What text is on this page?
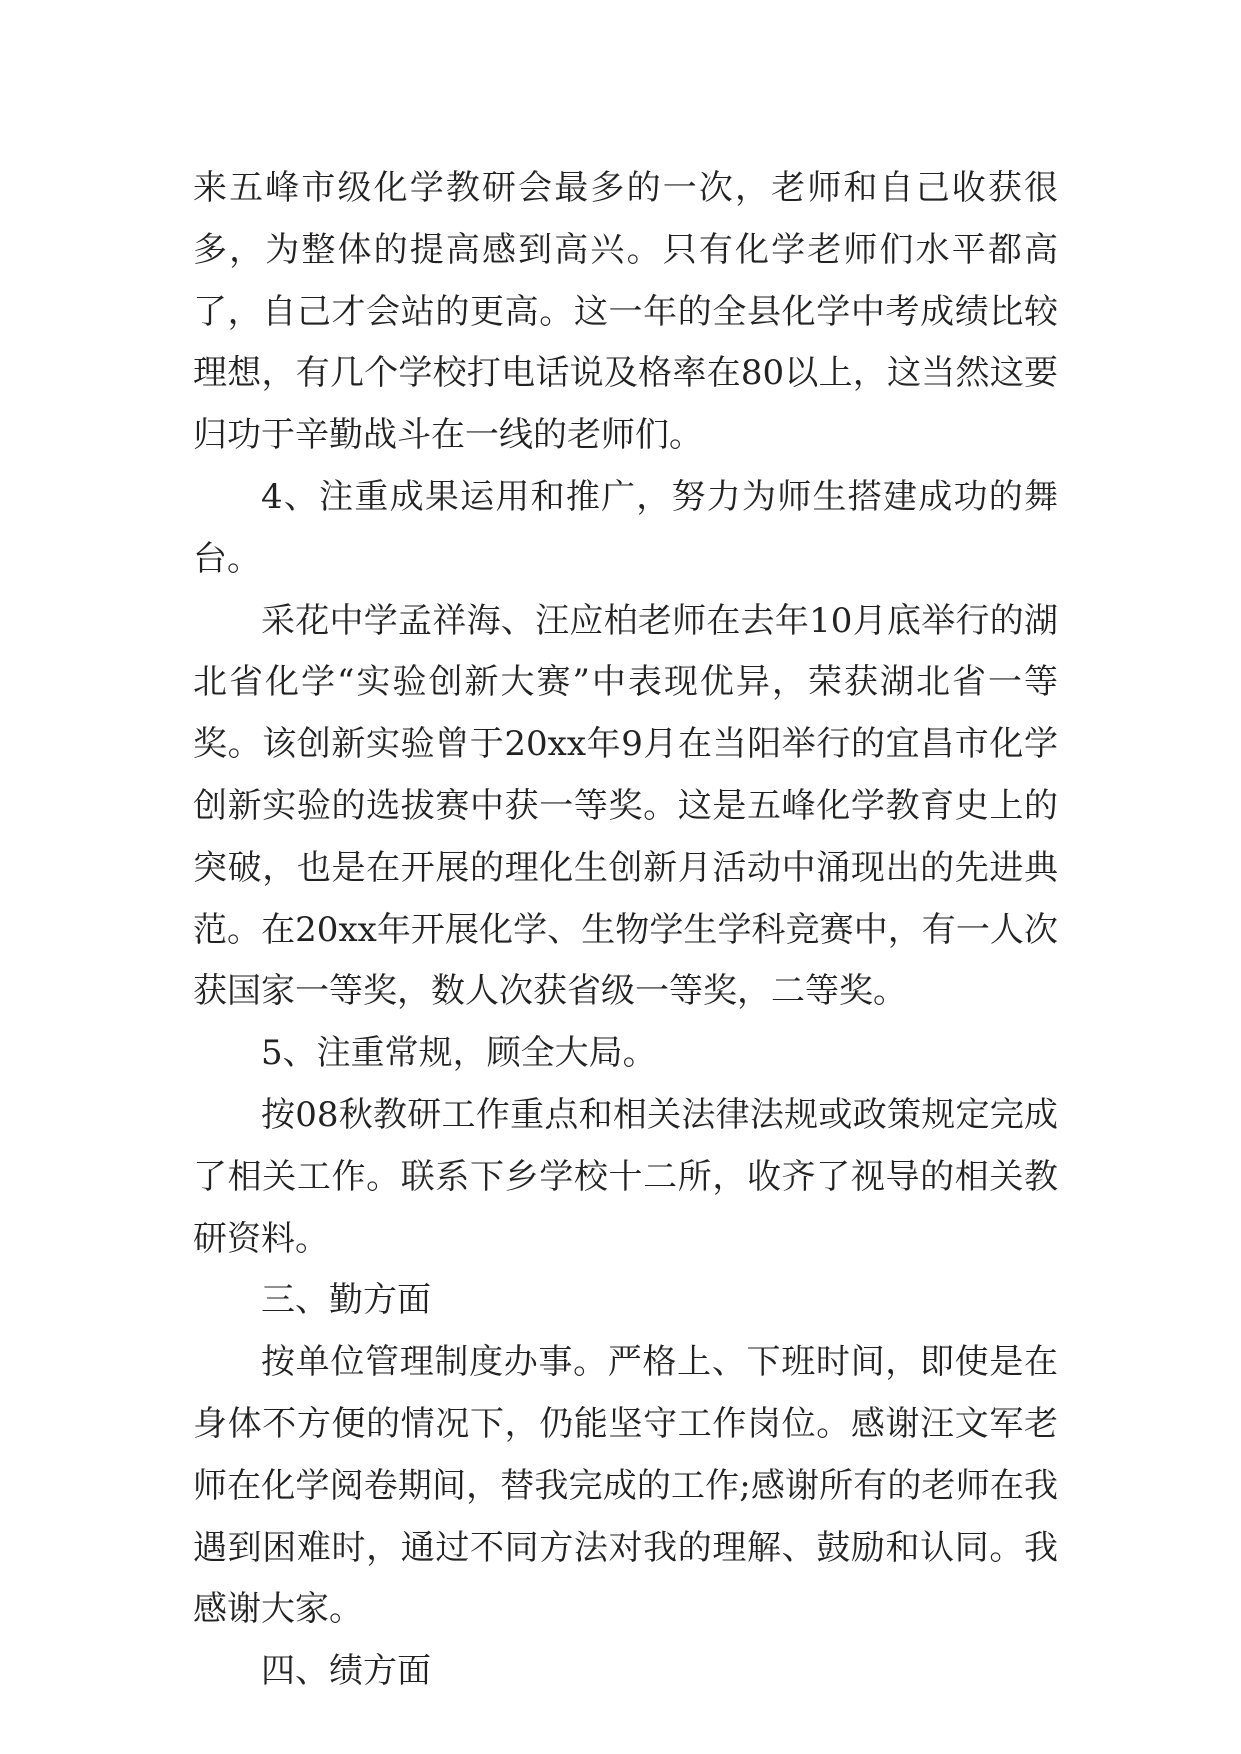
来五峰市级化学教研会最多的一次，老师和自己收获很多，为整体的提高感到高兴。只有化学老师们水平都高了，自己才会站的更高。这一年的全县化学中考成绩比较理想，有几个学校打电话说及格率在80以上，这当然这要归功于辛勤战斗在一线的老师们。

4、注重成果运用和推广，努力为师生搭建成功的舞台。

采花中学孟祥海、汪应柏老师在去年10月底举行的湖北省化学“实验创新大赛”中表现优异，荣获湖北省一等奖。该创新实验曾于20xx年9月在当阳举行的宜昌市化学创新实验的选拔赛中获一等奖。这是五峰化学教育史上的突破，也是在开展的理化生创新月活动中涌现出的先进典范。在20xx年开展化学、生物学生学科竞赛中，有一人次获国家一等奖，数人次获省级一等奖，二等奖。

5、注重常规，顾全大局。

按08秋教研工作重点和相关法律法规或政策规定完成了相关工作。联系下乡学校十二所，收齐了视导的相关教研资料。

三、勤方面

按单位管理制度办事。严格上、下班时间，即使是在身体不方便的情况下，仍能坚守工作岗位。感谢汪文军老师在化学阅卷期间，替我完成的工作;感谢所有的老师在我遇到困难时，通过不同方法对我的理解、鼓励和认同。我感谢大家。

四、绩方面
